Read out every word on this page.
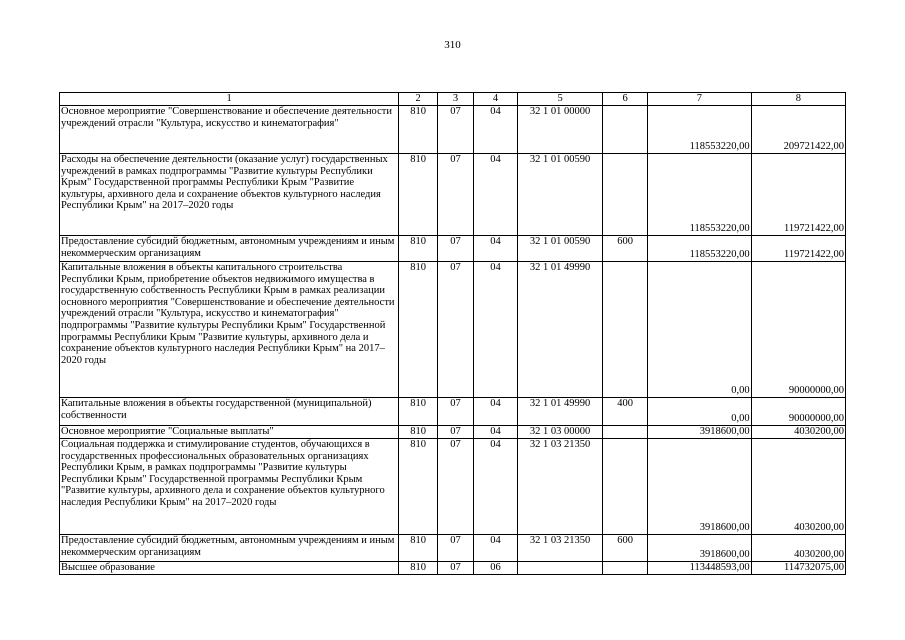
310
1	2	3	4	5	6	7	8
Основное мероприятие "Совершенствование и обеспечение деятельности учреждений отрасли "Культура, искусство и кинематография"	810	07	04	32 1 01 00000		118553220,00	209721422,00
Расходы на обеспечение деятельности (оказание услуг) государственных учреждений в рамках подпрограммы "Развитие культуры Республики Крым" Государственной программы Республики Крым "Развитие культуры, архивного дела и сохранение объектов культурного наследия Республики Крым" на 2017–2020 годы	810	07	04	32 1 01 00590		118553220,00	119721422,00
Предоставление субсидий бюджетным, автономным учреждениям и иным некоммерческим организациям	810	07	04	32 1 01 00590	600	118553220,00	119721422,00
Капитальные вложения в объекты капитального строительства Республики Крым, приобретение объектов недвижимого имущества в государственную собственность Республики Крым в рамках реализации основного мероприятия "Совершенствование и обеспечение деятельности учреждений отрасли "Культура, искусство и кинематография" подпрограммы "Развитие культуры Республики Крым" Государственной программы Республики Крым "Развитие культуры, архивного дела и сохранение объектов культурного наследия Республики Крым" на 2017–2020 годы	810	07	04	32 1 01 49990		0,00	90000000,00
Капитальные вложения в объекты государственной (муниципальной) собственности	810	07	04	32 1 01 49990	400	0,00	90000000,00
Основное мероприятие "Социальные выплаты"	810	07	04	32 1 03 00000		3918600,00	4030200,00
Социальная поддержка и стимулирование студентов, обучающихся в государственных профессиональных образовательных организациях Республики Крым, в рамках подпрограммы "Развитие культуры Республики Крым" Государственной программы Республики Крым "Развитие культуры, архивного дела и сохранение объектов культурного наследия Республики Крым" на 2017–2020 годы	810	07	04	32 1 03 21350		3918600,00	4030200,00
Предоставление субсидий бюджетным, автономным учреждениям и иным некоммерческим организациям	810	07	04	32 1 03 21350	600	3918600,00	4030200,00
Высшее образование	810	07	06			113448593,00	114732075,00
